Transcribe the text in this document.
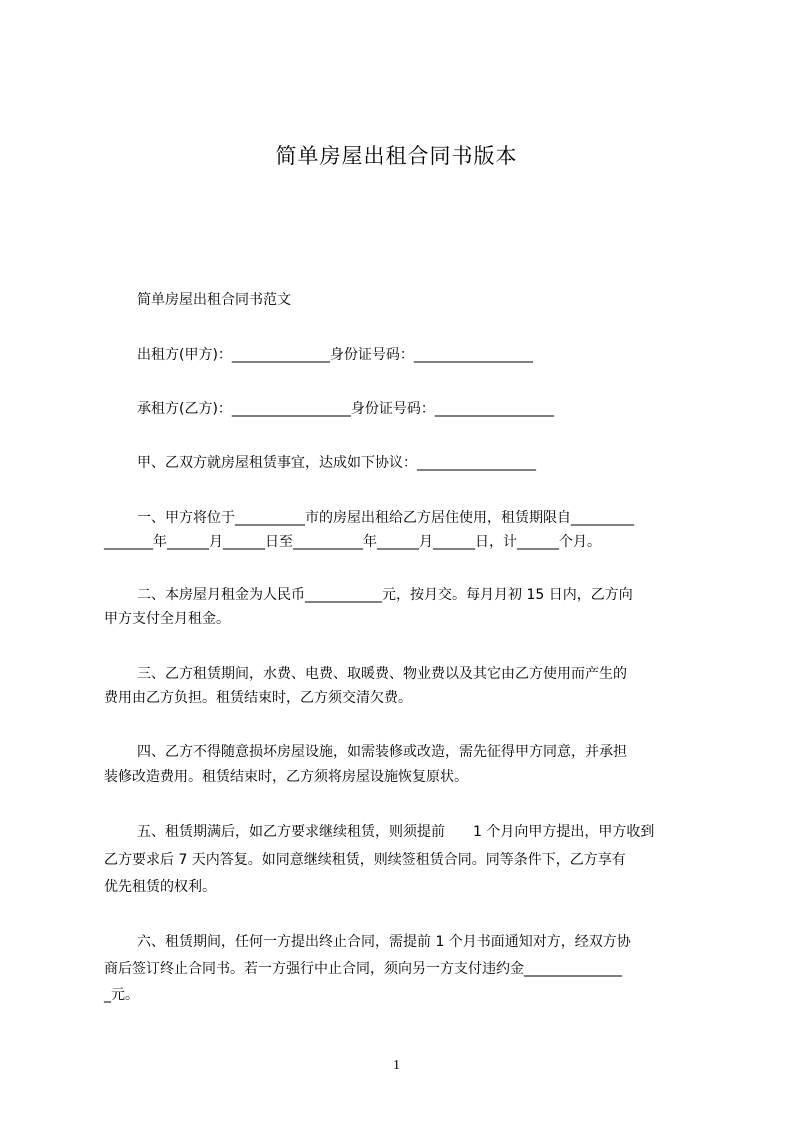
简单房屋出租合同书版本
简单房屋出租合同书范文
出租方(甲方)：______________身份证号码：_________________
承租方(乙方)：_________________身份证号码：_________________
甲、乙双方就房屋租赁事宜，达成如下协议：_________________
一、甲方将位于__________市的房屋出租给乙方居住使用，租赁期限自_________
_______年______月______日至__________年______月______日，计______个月。
二、本房屋月租金为人民币___________元，按月交。每月月初 15 日内，乙方向
甲方支付全月租金。
三、乙方租赁期间，水费、电费、取暖费、物业费以及其它由乙方使用而产生的
费用由乙方负担。租赁结束时，乙方须交清欠费。
四、乙方不得随意损坏房屋设施，如需装修或改造，需先征得甲方同意，并承担
装修改造费用。租赁结束时，乙方须将房屋设施恢复原状。
五、租赁期满后，如乙方要求继续租赁，则须提前　　1 个月向甲方提出，甲方收到
乙方要求后 7 天内答复。如同意继续租赁，则续签租赁合同。同等条件下，乙方享有
优先租赁的权利。
六、租赁期间，任何一方提出终止合同，需提前 1 个月书面通知对方，经双方协
商后签订终止合同书。若一方强行中止合同，须向另一方支付违约金______________
_元。
1
